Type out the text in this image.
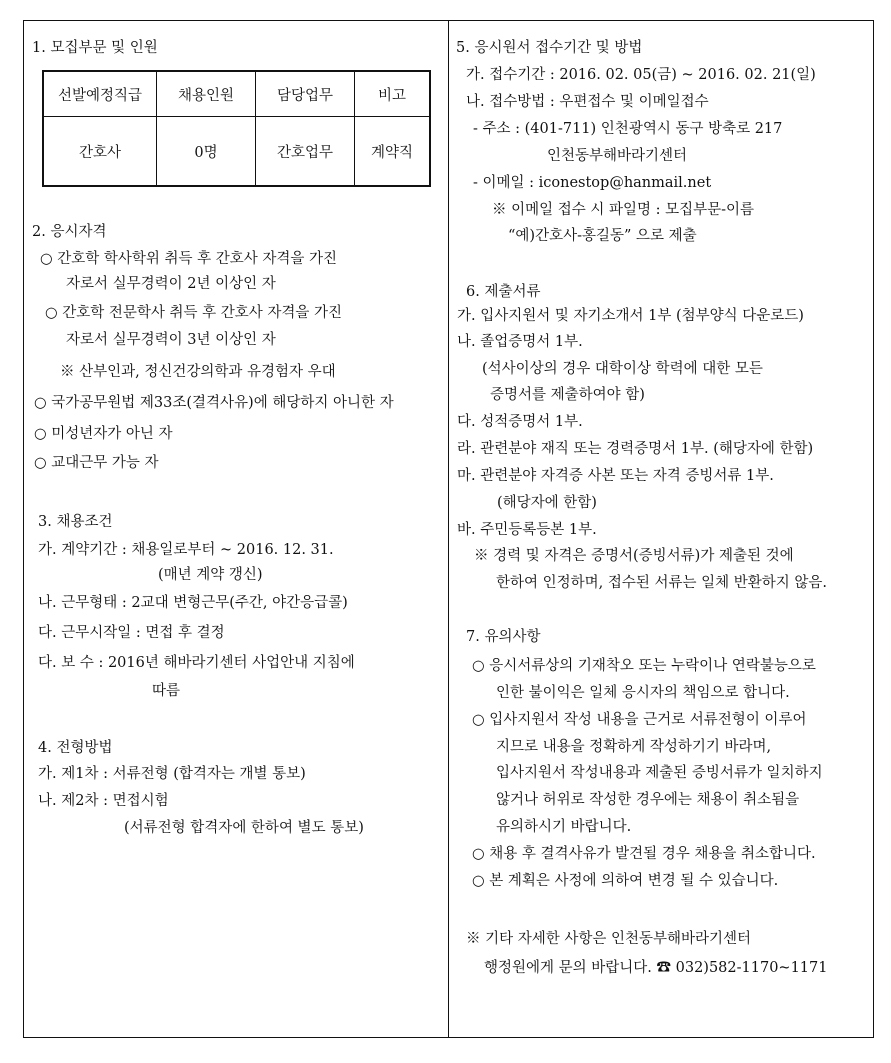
1. 모집부문 및 인원
선발예정직급	채용인원	담당업무	비고
간호사	0명	간호업무	계약직
2. 응시자격
○ 간호학 학사학위 취득 후 간호사 자격을 가진
자로서 실무경력이 2년 이상인 자
○ 간호학 전문학사 취득 후 간호사 자격을 가진
자로서 실무경력이 3년 이상인 자
※ 산부인과, 정신건강의학과 유경험자 우대
○ 국가공무원법 제33조(결격사유)에 해당하지 아니한 자
○ 미성년자가 아닌 자
○ 교대근무 가능 자
3. 채용조건
가. 계약기간 : 채용일로부터 ~ 2016. 12. 31.
(매년 계약 갱신)
나. 근무형태 : 2교대 변형근무(주간, 야간응급콜)
다. 근무시작일 : 면접 후 결정
다. 보 수 : 2016년 해바라기센터 사업안내 지침에
따름
4. 전형방법
가. 제1차 : 서류전형 (합격자는 개별 통보)
나. 제2차 : 면접시험
(서류전형 합격자에 한하여 별도 통보)
5. 응시원서 접수기간 및 방법
가. 접수기간 : 2016. 02. 05(금) ~ 2016. 02. 21(일)
나. 접수방법 : 우편접수 및 이메일접수
- 주소 : (401-711) 인천광역시 동구 방축로 217
인천동부해바라기센터
- 이메일 : iconestop@hanmail.net
※ 이메일 접수 시 파일명 : 모집부문-이름
“예)간호사-홍길동” 으로 제출
6. 제출서류
가. 입사지원서 및 자기소개서 1부 (첨부양식 다운로드)
나. 졸업증명서 1부.
(석사이상의 경우 대학이상 학력에 대한 모든
증명서를 제출하여야 함)
다. 성적증명서 1부.
라. 관련분야 재직 또는 경력증명서 1부. (해당자에 한함)
마. 관련분야 자격증 사본 또는 자격 증빙서류 1부.
(해당자에 한함)
바. 주민등록등본 1부.
※ 경력 및 자격은 증명서(증빙서류)가 제출된 것에
한하여 인정하며, 접수된 서류는 일체 반환하지 않음.
7. 유의사항
○ 응시서류상의 기재착오 또는 누락이나 연락불능으로
인한 불이익은 일체 응시자의 책임으로 합니다.
○ 입사지원서 작성 내용을 근거로 서류전형이 이루어
지므로 내용을 정확하게 작성하기기 바라며,
입사지원서 작성내용과 제출된 증빙서류가 일치하지
않거나 허위로 작성한 경우에는 채용이 취소됨을
유의하시기 바랍니다.
○ 채용 후 결격사유가 발견될 경우 채용을 취소합니다.
○ 본 계획은 사정에 의하여 변경 될 수 있습니다.
※ 기타 자세한 사항은 인천동부해바라기센터
행정원에게 문의 바랍니다. ☎ 032)582-1170~1171
